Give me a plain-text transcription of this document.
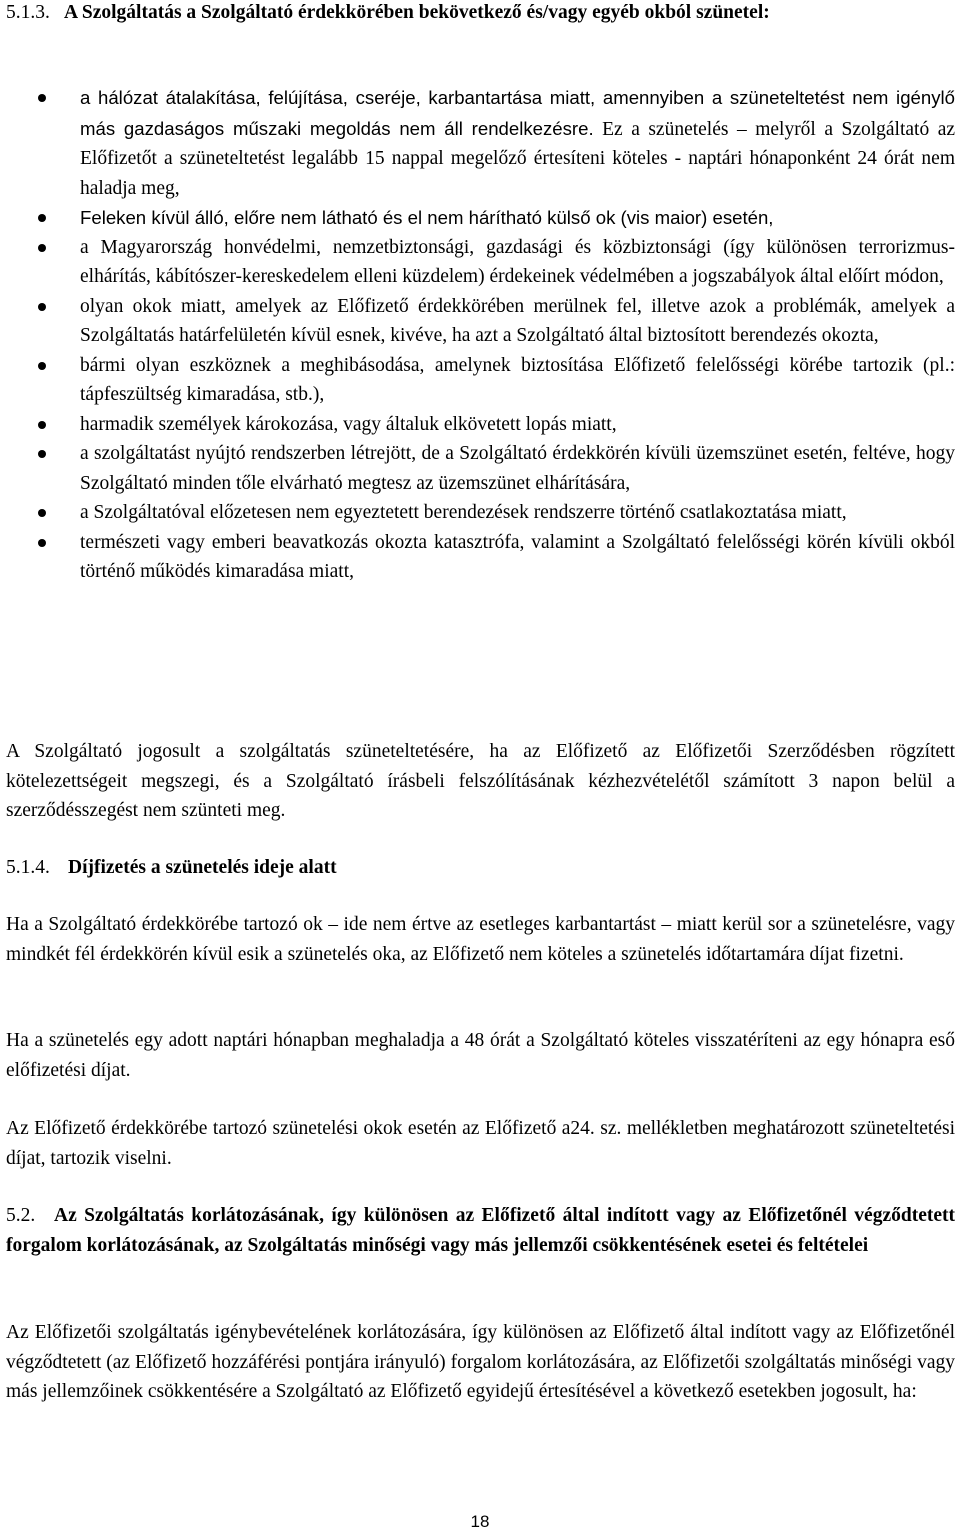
5.1.3. A Szolgáltatás a Szolgáltató érdekkörében bekövetkező és/vagy egyéb okból szünetel:

a hálózat átalakítása, felújítása, cseréje, karbantartása miatt, amennyiben a szüneteltetést nem igénylő más gazdaságos műszaki megoldás nem áll rendelkezésre. Ez a szünetelés – melyről a Szolgáltató az Előfizetőt a szüneteltetést legalább 15 nappal megelőző értesíteni köteles - naptári hónaponként 24 órát nem haladja meg,

Feleken kívül álló, előre nem látható és el nem hárítható külső ok (vis maior) esetén,

a Magyarország honvédelmi, nemzetbiztonsági, gazdasági és közbiztonsági (így különösen terrorizmus-elhárítás, kábítószer-kereskedelem elleni küzdelem) érdekeinek védelmében a jogszabályok által előírt módon,

olyan okok miatt, amelyek az Előfizető érdekkörében merülnek fel, illetve azok a problémák, amelyek a Szolgáltatás határfelületén kívül esnek, kivéve, ha azt a Szolgáltató által biztosított berendezés okozta,

bármi olyan eszköznek a meghibásodása, amelynek biztosítása Előfizető felelősségi körébe tartozik (pl.: tápfeszültség kimaradása, stb.),

harmadik személyek károkozása, vagy általuk elkövetett lopás miatt,

a szolgáltatást nyújtó rendszerben létrejött, de a Szolgáltató érdekkörén kívüli üzemszünet esetén, feltéve, hogy Szolgáltató minden tőle elvárható megtesz az üzemszünet elhárítására,

a Szolgáltatóval előzetesen nem egyeztetett berendezések rendszerre történő csatlakoztatása miatt,

természeti vagy emberi beavatkozás okozta katasztrófa, valamint a Szolgáltató felelősségi körén kívüli okból történő működés kimaradása miatt,

A Szolgáltató jogosult a szolgáltatás szüneteltetésére, ha az Előfizető az Előfizetői Szerződésben rögzített kötelezettségeit megszegi, és a Szolgáltató írásbeli felszólításának kézhezvételétől számított 3 napon belül a szerződésszegést nem szünteti meg.

5.1.4. Díjfizetés a szünetelés ideje alatt

Ha a Szolgáltató érdekkörébe tartozó ok – ide nem értve az esetleges karbantartást – miatt kerül sor a szünetelésre, vagy mindkét fél érdekkörén kívül esik a szünetelés oka, az Előfizető nem köteles a szünetelés időtartamára díjat fizetni.

Ha a szünetelés egy adott naptári hónapban meghaladja a 48 órát a Szolgáltató köteles visszatéríteni az egy hónapra eső előfizetési díjat.

Az Előfizető érdekkörébe tartozó szünetelési okok esetén az Előfizető a24. sz. mellékletben meghatározott szüneteltetési díjat, tartozik viselni.

5.2. Az Szolgáltatás korlátozásának, így különösen az Előfizető által indított vagy az Előfizetőnél végződtetett forgalom korlátozásának, az Szolgáltatás minőségi vagy más jellemzői csökkentésének esetei és feltételei

Az Előfizetői szolgáltatás igénybevételének korlátozására, így különösen az Előfizető által indított vagy az Előfizetőnél végződtetett (az Előfizető hozzáférési pontjára irányuló) forgalom korlátozására, az Előfizetői szolgáltatás minőségi vagy más jellemzőinek csökkentésére a Szolgáltató az Előfizető egyidejű értesítésével a következő esetekben jogosult, ha:

18
